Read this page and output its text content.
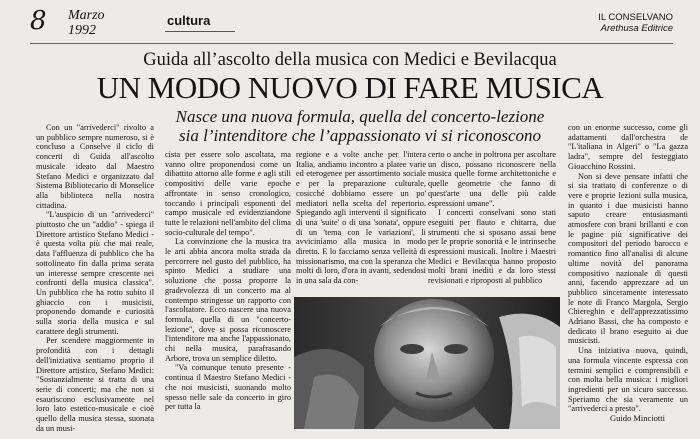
8 Marzo
1992
cultura	IL CONSELVANO
Arethusa Editrice
Guida all’ascolto della musica con Medici e Bevilacqua
UN MODO NUOVO DI FARE MUSICA
Nasce una nuova formula, quella del concerto-lezione
sia l’intenditore che l’appassionato vi si riconoscono

Con un "arrivederci" rivolto a un pubblico sempre numeroso, si è concluso a Conselve il ciclo di concerti di Guida all'ascolto musicale ideato dal Maestro Stefano Medici e organizzato dal Sistema Bibliotecario di Monselice alla biblioteca nella nostra cittadina.

"L'auspicio di un "arrivederci" piuttosto che un "addio" - spiega il Direttore artistico Stefano Medici - è questa volta più che mai reale, data l'affluenza di pubblico che ha sottolineato fin dalla prima serata un interesse sempre crescente nei confronti della musica classica". Un pubblico che ha rotto subito il ghiaccio con i musicisti, proponendo domande e curiosità sulla storia della musica e sul carattere degli strumenti.

Per scendere maggiormente in profondità con i dettagli dell'iniziativa sentiamo proprio il Direttore artistico, Stefano Medici: "Sostanzialmente si tratta di una serie di concerti; ma che non si esauriscono esclusivamente nel loro lato estetico-musicale e cioè quello della musica stessa, suonata da un musi-

cista per essere solo ascoltata, ma vanno oltre proponendosi come un dibattito attorno alle forme e agli stili compositivi delle varie epoche affrontate in senso cronologico, toccando i principali esponenti del campo musicale ed evidenziandone tutte le relazioni nell'ambito del clima socio-culturale del tempo".

La convinzione che la musica tra le arti abbia ancora molta strada da percorrere nel gusto del pubblico, ha spinto Medici a studiare una soluzione che possa proporre la gradevolezza di un concerto ma al contempo stringesse un rapporto con l'ascoltatore. Ecco nascere una nuova formula, quella di un "concerto-lezione", dove si possa riconoscere l'intenditore ma anche l'appassionato, chi nella musica, parafrasando Arbore, trova un semplice diletto.

"Va comunque tenuto presente - continua il Maestro Stefano Medici - che noi musicisti, suonando molto spesso nelle sale da concerto in giro per tutta la

regione e a volte anche per l'intera Italia, andiamo incontro a platee varie ed eterogenee per assortimento sociale e per la preparazione culturale, cosicché dobbiamo essere un po' mediatori nella scelta del repertorio. Spiegando agli interventi il significato di una 'suite' o di una 'sonata', oppure di un 'tema con le variazioni', li avviciniamo alla musica in modo diretto. E lo facciamo senza velleità di missionarismo, ma con la speranza che molti di loro, d'ora in avanti, sedendosi in una sala da con-

certo o anche in poltrona per ascoltare un disco, possano riconoscere nella musica quelle forme architettoniche e quelle geometrie che fanno di quest'arte una delle più calde espressioni umane".

I concerti conselvani sono stati eseguiti per flauto e chitarra, due strumenti che si sposano assai bene per le proprie sonorità e le intrinseche espressioni musicali. Inoltre i Maestri Medici e Bevilacqua hanno proposto molti brani inediti e da loro stessi revisionati e riproposti al pubblico

con un enorme successo, come gli adattamenti dall'orchestra de "L'italiana in Algeri" o "La gazza ladra", sempre del festeggiato Gioacchino Rossini.

Non si deve pensare infatti che si sia trattato di conferenze o di vere e proprie lezioni sulla musica, in quanto i due musicisti hanno saputo creare entusiasmanti atmosfere con brani brillanti e con le pagine più significative dei compositori del periodo barocco e romantico fino all'analisi di alcune ultime novità del panorama compositivo nazionale di questi anni, facendo apprezzare ad un pubblico sinceramente interessato le note di Franco Margola, Sergio Chiereghin e dell'apprezzatissimo Adriano Bassi, che ha composto e dedicato il brano eseguito ai due musicisti.

Una iniziativa nuova, quindi, una formula vincente espressa con termini semplici e comprensibili e con molta bella musica: i migliori ingredienti per un sicuro successo. Speriamo che sia veramente un "arrivederci a presto".

Guido Minciotti
